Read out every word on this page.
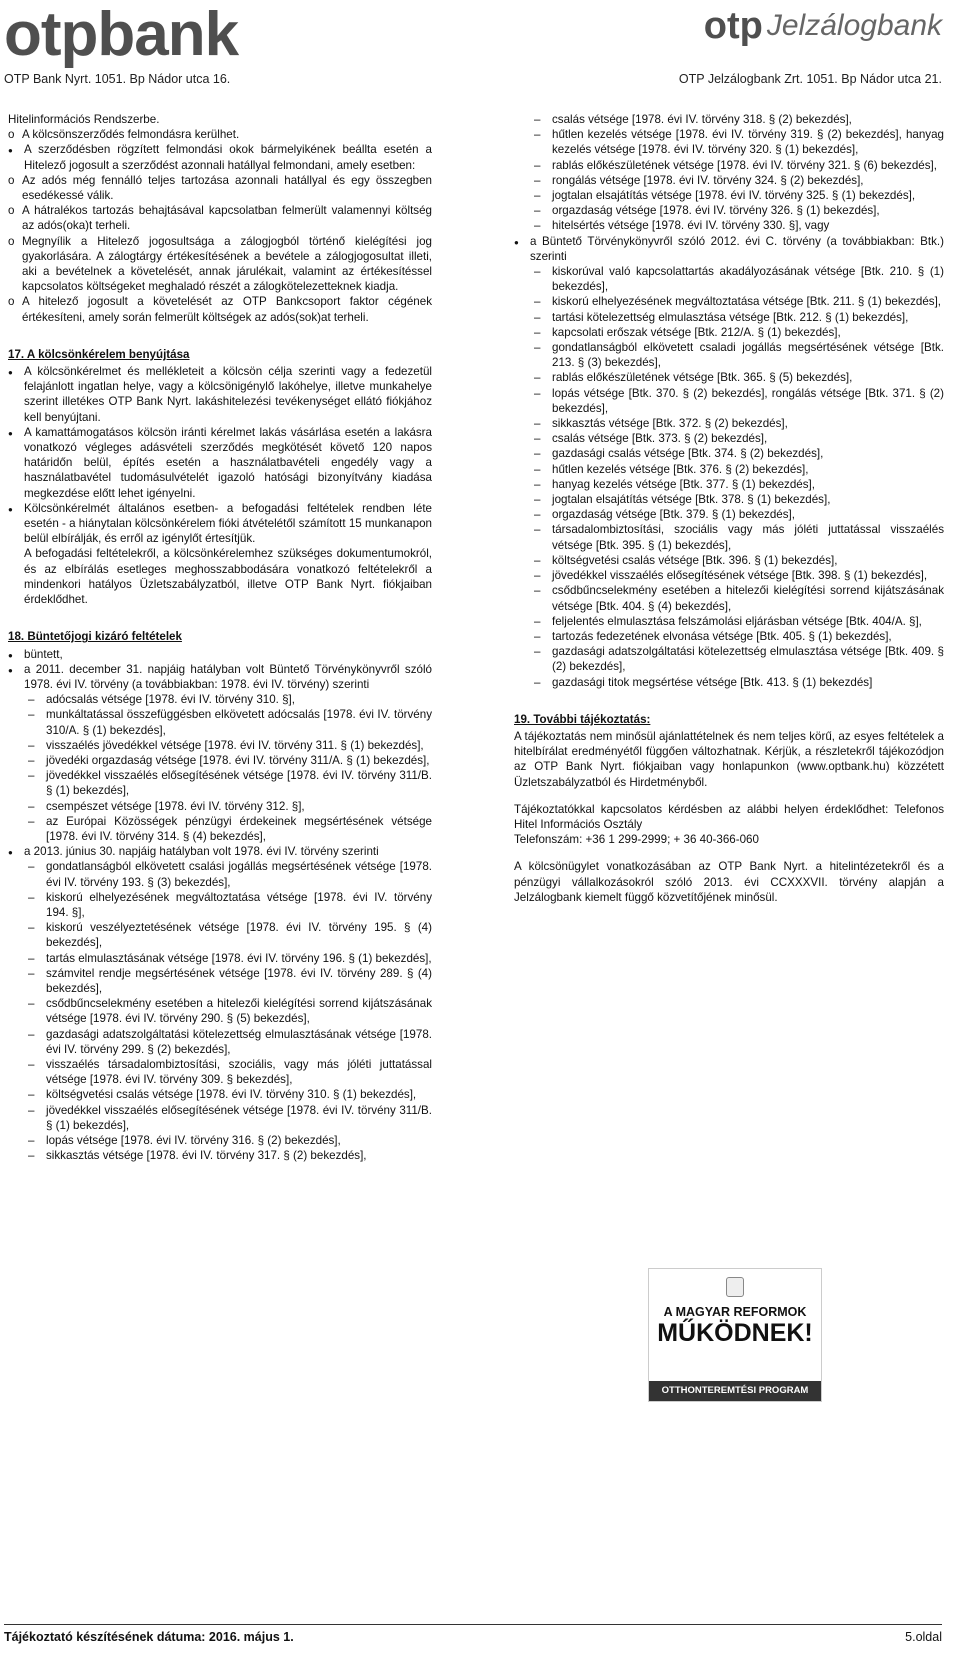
otpbank
OTP Bank Nyrt. 1051. Bp Nádor utca 16.
otp Jelzálogbank
OTP Jelzálogbank Zrt. 1051. Bp Nádor utca 21.
Hitelinformációs Rendszerbe.
o A kölcsönszerződés felmondásra kerülhet.
● A szerződésben rögzített felmondási okok bármelyikének beállta esetén a Hitelező jogosult a szerződést azonnali hatállyal felmondani, amely esetben:
o Az adós még fennálló teljes tartozása azonnali hatállyal és egy összegben esedékessé válik.
o A hátralékos tartozás behajtásával kapcsolatban felmerült valamennyi költség az adós(oka)t terheli.
o Megnyílik a Hitelező jogosultsága a zálogjogból történő kielégítési jog gyakorlására. A zálogtárgy értékesítésének a bevétele a zálogjogosultat illeti, aki a bevételnek a követelését, annak járulékait, valamint az értékesítéssel kapcsolatos költségeket meghaladó részét a zálogkötelezetteknek kiadja.
o A hitelező jogosult a követelését az OTP Bankcsoport faktor cégének értékesíteni, amely során felmerült költségek az adós(sok)at terheli.
17. A kölcsönkérelem benyújtása
● A kölcsönkérelmet és mellékleteit a kölcsön célja szerinti vagy a fedezetül felajánlott ingatlan helye, vagy a kölcsönigénylő lakóhelye, illetve munkahelye szerint illetékes OTP Bank Nyrt. lakáshitelezési tevékenységet ellátó fiókjához kell benyújtani.
● A kamattámogatásos kölcsön iránti kérelmet lakás vásárlása esetén a lakásra vonatkozó végleges adásvételi szerződés megkötését követő 120 napos határidőn belül, építés esetén a használatbavételi engedély vagy a használatbavétel tudomásulvételét igazoló hatósági bizonyítvány kiadása megkezdése előtt lehet igényelni.
● Kölcsönkérelmét általános esetben- a befogadási feltételek rendben léte esetén - a hiánytalan kölcsönkérelem fióki átvételétől számított 15 munkanapon belül elbírálják, és erről az igénylőt értesítjük.
A befogadási feltételekről, a kölcsönkérelemhez szükséges dokumentumokról, és az elbírálás esetleges meghosszabbodására vonatkozó feltételekről a mindenkori hatályos Üzletszabályzatból, illetve OTP Bank Nyrt. fiókjaiban érdeklődhet.
18. Büntetőjogi kizáró feltételek
● büntett,
● a 2011. december 31. napjáig hatályban volt Büntető Törvénykönyvről szóló 1978. évi IV. törvény (a továbbiakban: 1978. évi IV. törvény) szerinti
– adócsalás vétsége [1978. évi IV. törvény 310. §],
– munkáltatással összefüggésben elkövetett adócsalás [1978. évi IV. törvény 310/A. § (1) bekezdés],
– visszaélés jövedékkel vétsége [1978. évi IV. törvény 311. § (1) bekezdés],
– jövedéki orgazdaság vétsége [1978. évi IV. törvény 311/A. § (1) bekezdés],
– jövedékkel visszaélés elősegítésének vétsége [1978. évi IV. törvény 311/B. § (1) bekezdés],
– csempészet vétsége [1978. évi IV. törvény 312. §],
– az Európai Közösségek pénzügyi érdekeinek megsértésének vétsége [1978. évi IV. törvény 314. § (4) bekezdés],
● a 2013. június 30. napjáig hatályban volt 1978. évi IV. törvény szerinti
– gondatlanságból elkövetett csalási jogállás megsértésének vétsége [1978. évi IV. törvény 193. § (3) bekezdés],
– kiskorú elhelyezésének megváltoztatása vétsége [1978. évi IV. törvény 194. §],
– kiskorú veszélyeztetésének vétsége [1978. évi IV. törvény 195. § (4) bekezdés],
– tartás elmulasztásának vétsége [1978. évi IV. törvény 196. § (1) bekezdés],
– számvitel rendje megsértésének vétsége [1978. évi IV. törvény 289. § (4) bekezdés],
– csődbűncselekmény esetében a hitelezői kielégítési sorrend kijátszásának vétsége [1978. évi IV. törvény 290. § (5) bekezdés],
– gazdasági adatszolgáltatási kötelezettség elmulasztásának vétsége [1978. évi IV. törvény 299. § (2) bekezdés],
– visszaélés társadalombiztosítási, szociális, vagy más jóléti juttatással vétsége [1978. évi IV. törvény 309. § bekezdés],
– költségvetési csalás vétsége [1978. évi IV. törvény 310. § (1) bekezdés],
– jövedékkel visszaélés elősegítésének vétsége [1978. évi IV. törvény 311/B. § (1) bekezdés],
– lopás vétsége [1978. évi IV. törvény 316. § (2) bekezdés],
– sikkasztás vétsége [1978. évi IV. törvény 317. § (2) bekezdés],
– csalás vétsége [1978. évi IV. törvény 318. § (2) bekezdés],
– hűtlen kezelés vétsége [1978. évi IV. törvény 319. § (2) bekezdés], hanyag kezelés vétsége [1978. évi IV. törvény 320. § (1) bekezdés],
– rablás előkészületének vétsége [1978. évi IV. törvény 321. § (6) bekezdés],
– rongálás vétsége [1978. évi IV. törvény 324. § (2) bekezdés],
– jogtalan elsajátítás vétsége [1978. évi IV. törvény 325. § (1) bekezdés],
– orgazdaság vétsége [1978. évi IV. törvény 326. § (1) bekezdés],
– hitelsértés vétsége [1978. évi IV. törvény 330. §], vagy
● a Büntető Törvénykönyvről szóló 2012. évi C. törvény (a továbbiakban: Btk.) szerinti
– kiskorúval való kapcsolattartás akadályozásának vétsége [Btk. 210. § (1) bekezdés],
– kiskorú elhelyezésének megváltoztatása vétsége [Btk. 211. § (1) bekezdés],
– tartási kötelezettség elmulasztása vétsége [Btk. 212. § (1) bekezdés],
– kapcsolati erőszak vétsége [Btk. 212/A. § (1) bekezdés],
– gondatlanságból elkövetett csaladi jogállás megsértésének vétsége [Btk. 213. § (3) bekezdés],
– rablás előkészületének vétsége [Btk. 365. § (5) bekezdés],
– lopás vétsége [Btk. 370. § (2) bekezdés], rongálás vétsége [Btk. 371. § (2) bekezdés],
– sikkasztás vétsége [Btk. 372. § (2) bekezdés],
– csalás vétsége [Btk. 373. § (2) bekezdés],
– gazdasági csalás vétsége [Btk. 374. § (2) bekezdés],
– hűtlen kezelés vétsége [Btk. 376. § (2) bekezdés],
– hanyag kezelés vétsége [Btk. 377. § (1) bekezdés],
– jogtalan elsajátítás vétsége [Btk. 378. § (1) bekezdés],
– orgazdaság vétsége [Btk. 379. § (1) bekezdés],
– társadalombiztosítási, szociális vagy más jóléti juttatással visszaélés vétsége [Btk. 395. § (1) bekezdés],
– költségvetési csalás vétsége [Btk. 396. § (1) bekezdés],
– jövedékkel visszaélés elősegítésének vétsége [Btk. 398. § (1) bekezdés],
– csődbűncselekmény esetében a hitelezői kielégítési sorrend kijátszásának vétsége [Btk. 404. § (4) bekezdés],
– feljelentés elmulasztása felszámolási eljárásban vétsége [Btk. 404/A. §],
– tartozás fedezetének elvonása vétsége [Btk. 405. § (1) bekezdés],
– gazdasági adatszolgáltatási kötelezettség elmulasztása vétsége [Btk. 409. § (2) bekezdés],
– gazdasági titok megsértése vétsége [Btk. 413. § (1) bekezdés]
19. További tájékoztatás:
A tájékoztatás nem minősül ajánlattételnek és nem teljes körű, az esyes feltételek a hitelbírálat eredményétől függően változhatnak. Kérjük, a részletekről tájékozódjon az OTP Bank Nyrt. fiókjaiban vagy honlapunkon (www.optbank.hu) közzétett Üzletszabályzatból és Hirdetményből.
Tájékoztatókkal kapcsolatos kérdésben az alábbi helyen érdeklődhet: Telefonos Hitel Információs Osztály
Telefonszám: +36 1 299-2999; + 36 40-366-060
A kölcsönügylet vonatkozásában az OTP Bank Nyrt. a hitelintézetekről és a pénzügyi vállalkozásokról szóló 2013. évi CCXXXVII. törvény alapján a Jelzálogbank kiemelt függő közvetítőjének minősül.
A MAGYAR REFORMOK
MŰKÖDNEK!
OTTHONTEREMTÉSI PROGRAM
Tájékoztató készítésének dátuma: 2016. május 1.	5.oldal
